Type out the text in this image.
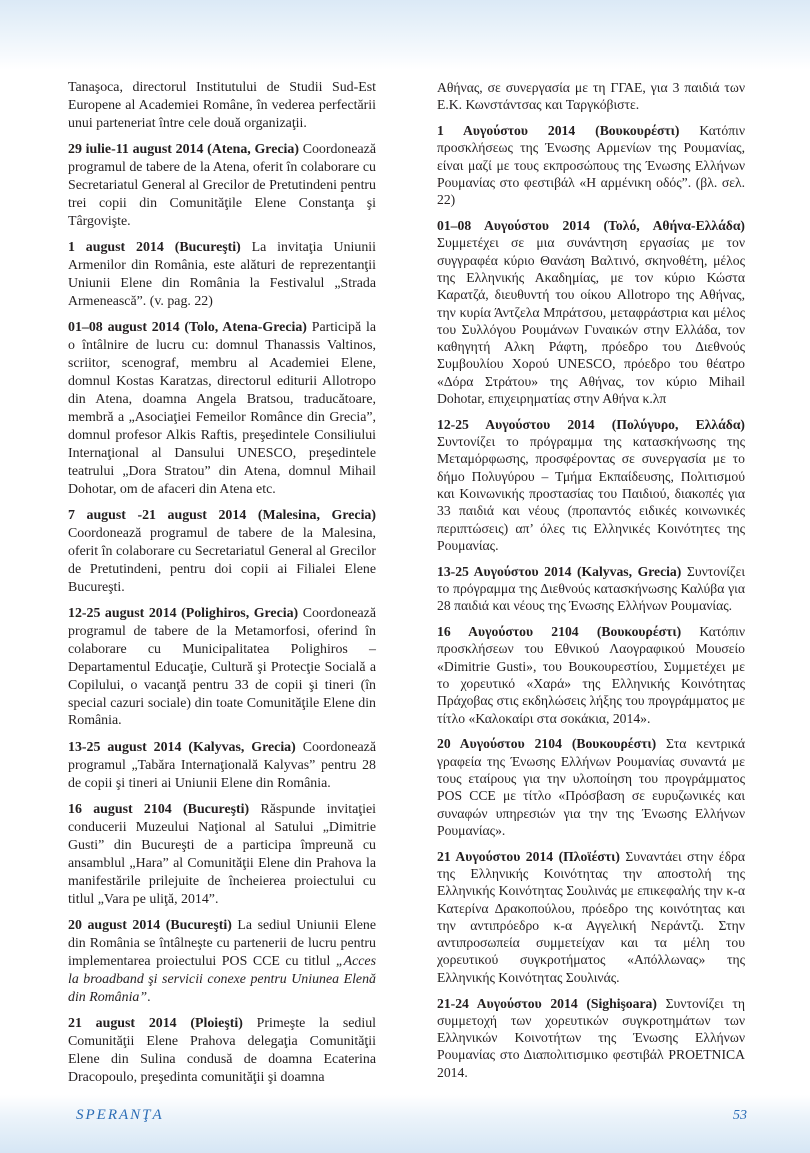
Tanaşoca, directorul Institutului de Studii Sud-Est Europene al Academiei Române, în vederea perfectării unui parteneriat între cele două organizaţii.

29 iulie-11 august 2014 (Atena, Grecia) Coordonează programul de tabere de la Atena, oferit în colaborare cu Secretariatul General al Grecilor de Pretutindeni pentru trei copii din Comunităţile Elene Constanţa şi Târgovişte.

1 august 2014 (Bucureşti) La invitaţia Uniunii Armenilor din România, este alături de reprezentanţii Uniunii Elene din România la Festivalul „Strada Armenească”. (v. pag. 22)

01–08 august 2014 (Tolo, Atena-Grecia) Participă la o întâlnire de lucru cu: domnul Thanassis Valtinos, scriitor, scenograf, membru al Academiei Elene, domnul Kostas Karatzas, directorul editurii Allotropo din Atena, doamna Angela Bratsou, traducătoare, membră a „Asociaţiei Femeilor Românce din Grecia”, domnul profesor Alkis Raftis, preşedintele Consiliului Internaţional al Dansului UNESCO, preşedintele teatrului „Dora Stratou” din Atena, domnul Mihail Dohotar, om de afaceri din Atena etc.

7 august -21 august 2014 (Malesina, Grecia) Coordonează programul de tabere de la Malesina, oferit în colaborare cu Secretariatul General al Grecilor de Pretutindeni, pentru doi copii ai Filialei Elene Bucureşti.

12-25 august 2014 (Polighiros, Grecia) Coordonează programul de tabere de la Metamorfosi, oferind în colaborare cu Municipalitatea Polighiros – Departamentul Educaţie, Cultură şi Protecţie Socială a Copilului, o vacanţă pentru 33 de copii şi tineri (în special cazuri sociale) din toate Comunităţile Elene din România.

13-25 august 2014 (Kalyvas, Grecia) Coordonează programul „Tabăra Internaţională Kalyvas” pentru 28 de copii şi tineri ai Uniunii Elene din România.

16 august 2104 (Bucureşti) Răspunde invitaţiei conducerii Muzeului Naţional al Satului „Dimitrie Gusti” din Bucureşti de a participa împreună cu ansamblul „Hara” al Comunităţii Elene din Prahova la manifestările prilejuite de încheierea proiectului cu titlul „Vara pe uliţă, 2014”.

20 august 2014 (Bucureşti) La sediul Uniunii Elene din România se întâlneşte cu partenerii de lucru pentru implementarea proiectului POS CCE cu titlul „Acces la broadband şi servicii conexe pentru Uniunea Elenă din România”.

21 august 2014 (Ploieşti) Primeşte la sediul Comunităţii Elene Prahova delegaţia Comunităţii Elene din Sulina condusă de doamna Ecaterina Dracopoulo, preşedinta comunităţii şi doamna

Αθήνας, σε συνεργασία με τη ΓΓΑΕ, για 3 παιδιά των Ε.Κ. Κωνστάντσας και Ταργκόβιστε.

1 Αυγούστου 2014 (Βουκουρέστι) Κατόπιν προσκλήσεως της Ένωσης Αρμενίων της Ρουμανίας, είναι μαζί με τους εκπροσώπους της Ένωσης Ελλήνων Ρουμανίας στο φεστιβάλ «Η αρμένικη οδός”. (βλ. σελ. 22)

01–08 Αυγούστου 2014 (Τολό, Αθήνα-Ελλάδα) Συμμετέχει σε μια συνάντηση εργασίας με τον συγγραφέα κύριο Θανάση Βαλτινό, σκηνοθέτη, μέλος της Ελληνικής Ακαδημίας, με τον κύριο Κώστα Καρατζά, διευθυντή του οίκου Allotropo της Αθήνας, την κυρία Άντζελα Μπράτσου, μεταφράστρια και μέλος του Συλλόγου Ρουμάνων Γυναικών στην Ελλάδα, τον καθηγητή Αλκη Ράφτη, πρόεδρο του Διεθνούς Συμβουλίου Χορού UNESCO, πρόεδρο του θέατρο «Δόρα Στράτου» της Αθήνας, τον κύριο Mihail Dohotar, επιχειρηματίας στην Αθήνα κ.λπ

12-25 Αυγούστου 2014 (Πολύγυρο, Ελλάδα) Συντονίζει το πρόγραμμα της κατασκήνωσης της Μεταμόρφωσης, προσφέροντας σε συνεργασία με το δήμο Πολυγύρου – Τμήμα Εκπαίδευσης, Πολιτισμού και Κοινωνικής προστασίας του Παιδιού, διακοπές για 33 παιδιά και νέους (προπαντός ειδικές κοινωνικές περιπτώσεις) απ’ όλες τις Ελληνικές Κοινότητες της Ρουμανίας.

13-25 Αυγούστου 2014 (Kalyvas, Grecia) Συντονίζει το πρόγραμμα της Διεθνούς κατασκήνωσης Καλύβα για 28 παιδιά και νέους της Ένωσης Ελλήνων Ρουμανίας.

16 Αυγούστου 2104 (Βουκουρέστι) Κατόπιν προσκλήσεων του Εθνικού Λαογραφικού Μουσείο «Dimitrie Gusti», του Βουκουρεστίου, Συμμετέχει με το χορευτικό «Χαρά» της Ελληνικής Κοινότητας Πράχοβας στις εκδηλώσεις λήξης του προγράμματος με τίτλο «Καλοκαίρι στα σοκάκια, 2014».

20 Αυγούστου 2104 (Βουκουρέστι) Στα κεντρικά γραφεία της Ένωσης Ελλήνων Ρουμανίας συναντά με τους εταίρους για την υλοποίηση του προγράμματος POS CCE με τίτλο «Πρόσβαση σε ευρυζωνικές και συναφών υπηρεσιών για την της Ένωσης Ελλήνων Ρουμανίας».

21 Αυγούστου 2014 (Πλοϊέστι) Συναντάει στην έδρα της Ελληνικής Κοινότητας την αποστολή της Ελληνικής Κοινότητας Σουλινάς με επικεφαλής την κ-α Κατερίνα Δρακοπούλου, πρόεδρο της κοινότητας και την αντιπρόεδρο κ-α Αγγελική Νεράντζι. Στην αντιπροσωπεία συμμετείχαν και τα μέλη του χορευτικού συγκροτήματος «Απόλλωνας» της Ελληνικής Κοινότητας Σουλινάς.

21-24 Αυγούστου 2014 (Sighişoara) Συντονίζει τη συμμετοχή των χορευτικών συγκροτημάτων των Ελληνικών Κοινοτήτων της Ένωσης Ελλήνων Ρουμανίας στο Διαπολιτισμικο φεστιβάλ PROETNICA 2014.

SPERANŢA	53
